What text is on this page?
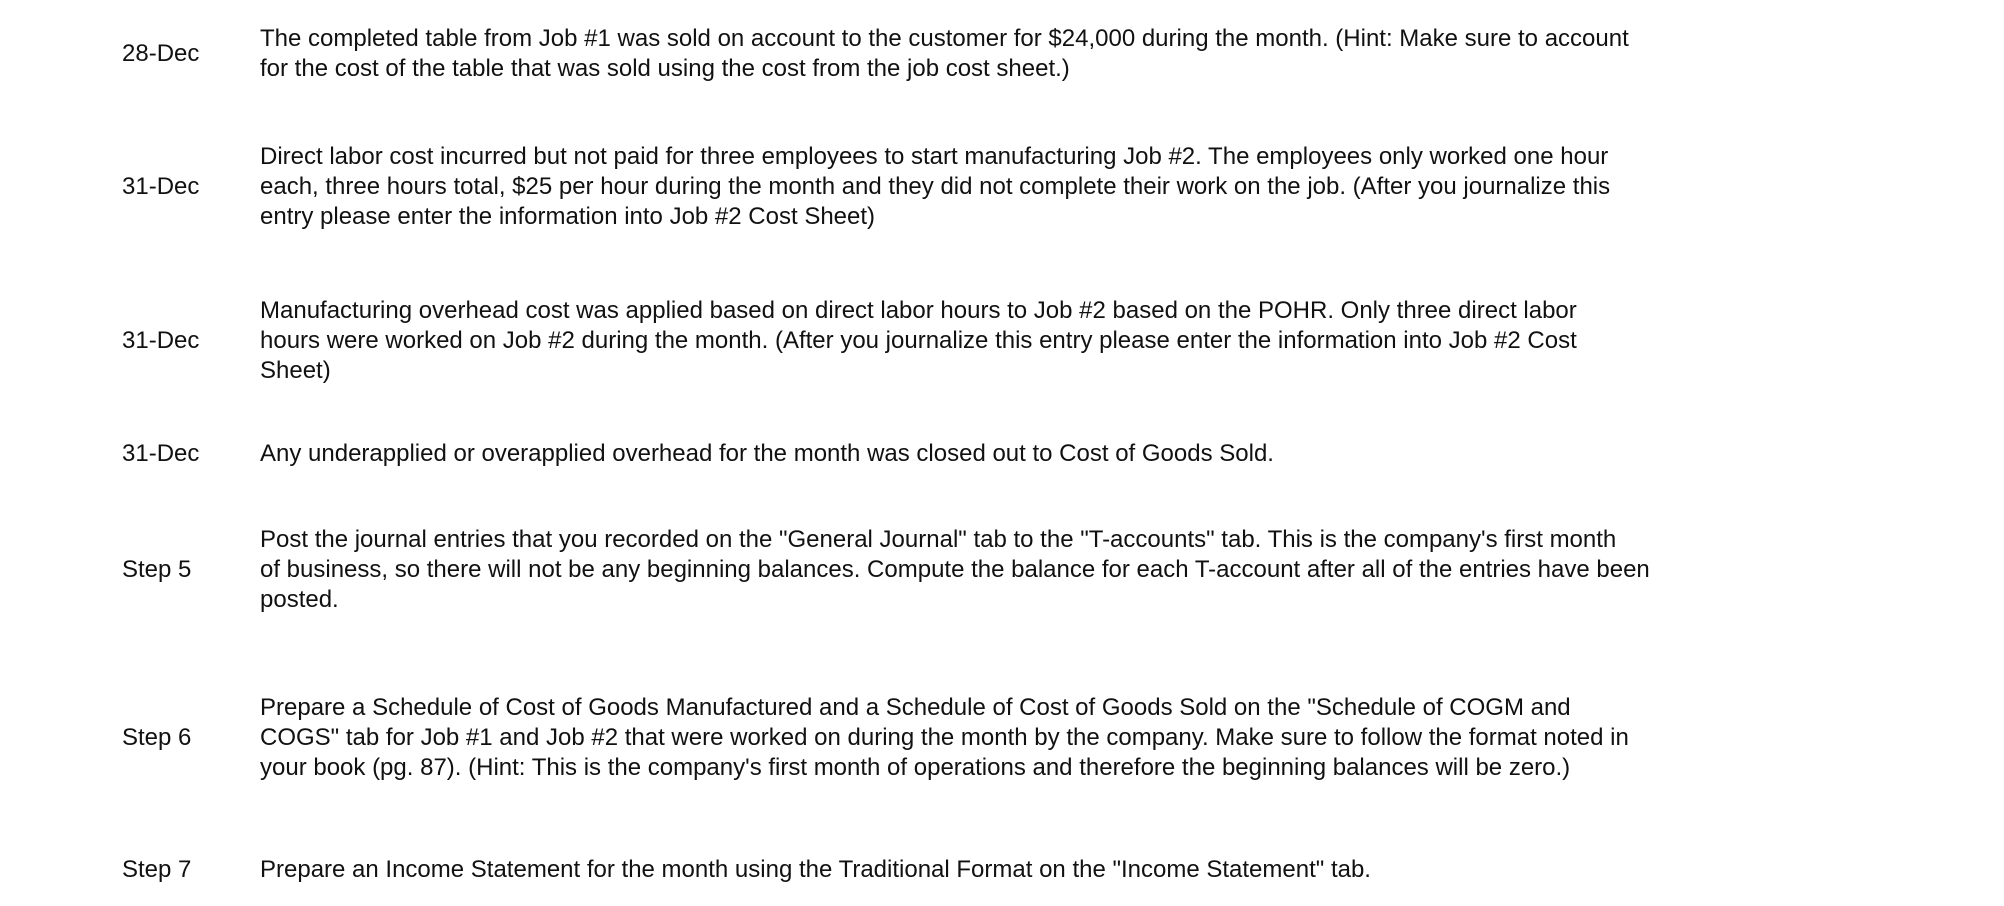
28-Dec
The completed table from Job #1 was sold on account to the customer for $24,000 during the month. (Hint: Make sure to account
for the cost of the table that was sold using the cost from the job cost sheet.)
31-Dec
Direct labor cost incurred but not paid for three employees to start manufacturing Job #2. The employees only worked one hour
each, three hours total, $25 per hour during the month and they did not complete their work on the job. (After you journalize this
entry please enter the information into Job #2 Cost Sheet)
31-Dec
Manufacturing overhead cost was applied based on direct labor hours to Job #2 based on the POHR. Only three direct labor
hours were worked on Job #2 during the month. (After you journalize this entry please enter the information into Job #2 Cost
Sheet)
31-Dec	Any underapplied or overapplied overhead for the month was closed out to Cost of Goods Sold.
Step 5
Post the journal entries that you recorded on the "General Journal" tab to the "T-accounts" tab. This is the company's first month
of business, so there will not be any beginning balances. Compute the balance for each T-account after all of the entries have been
posted.
Step 6
Prepare a Schedule of Cost of Goods Manufactured and a Schedule of Cost of Goods Sold on the "Schedule of COGM and
COGS" tab for Job #1 and Job #2 that were worked on during the month by the company. Make sure to follow the format noted in
your book (pg. 87). (Hint: This is the company's first month of operations and therefore the beginning balances will be zero.)
Step 7	Prepare an Income Statement for the month using the Traditional Format on the "Income Statement" tab.
